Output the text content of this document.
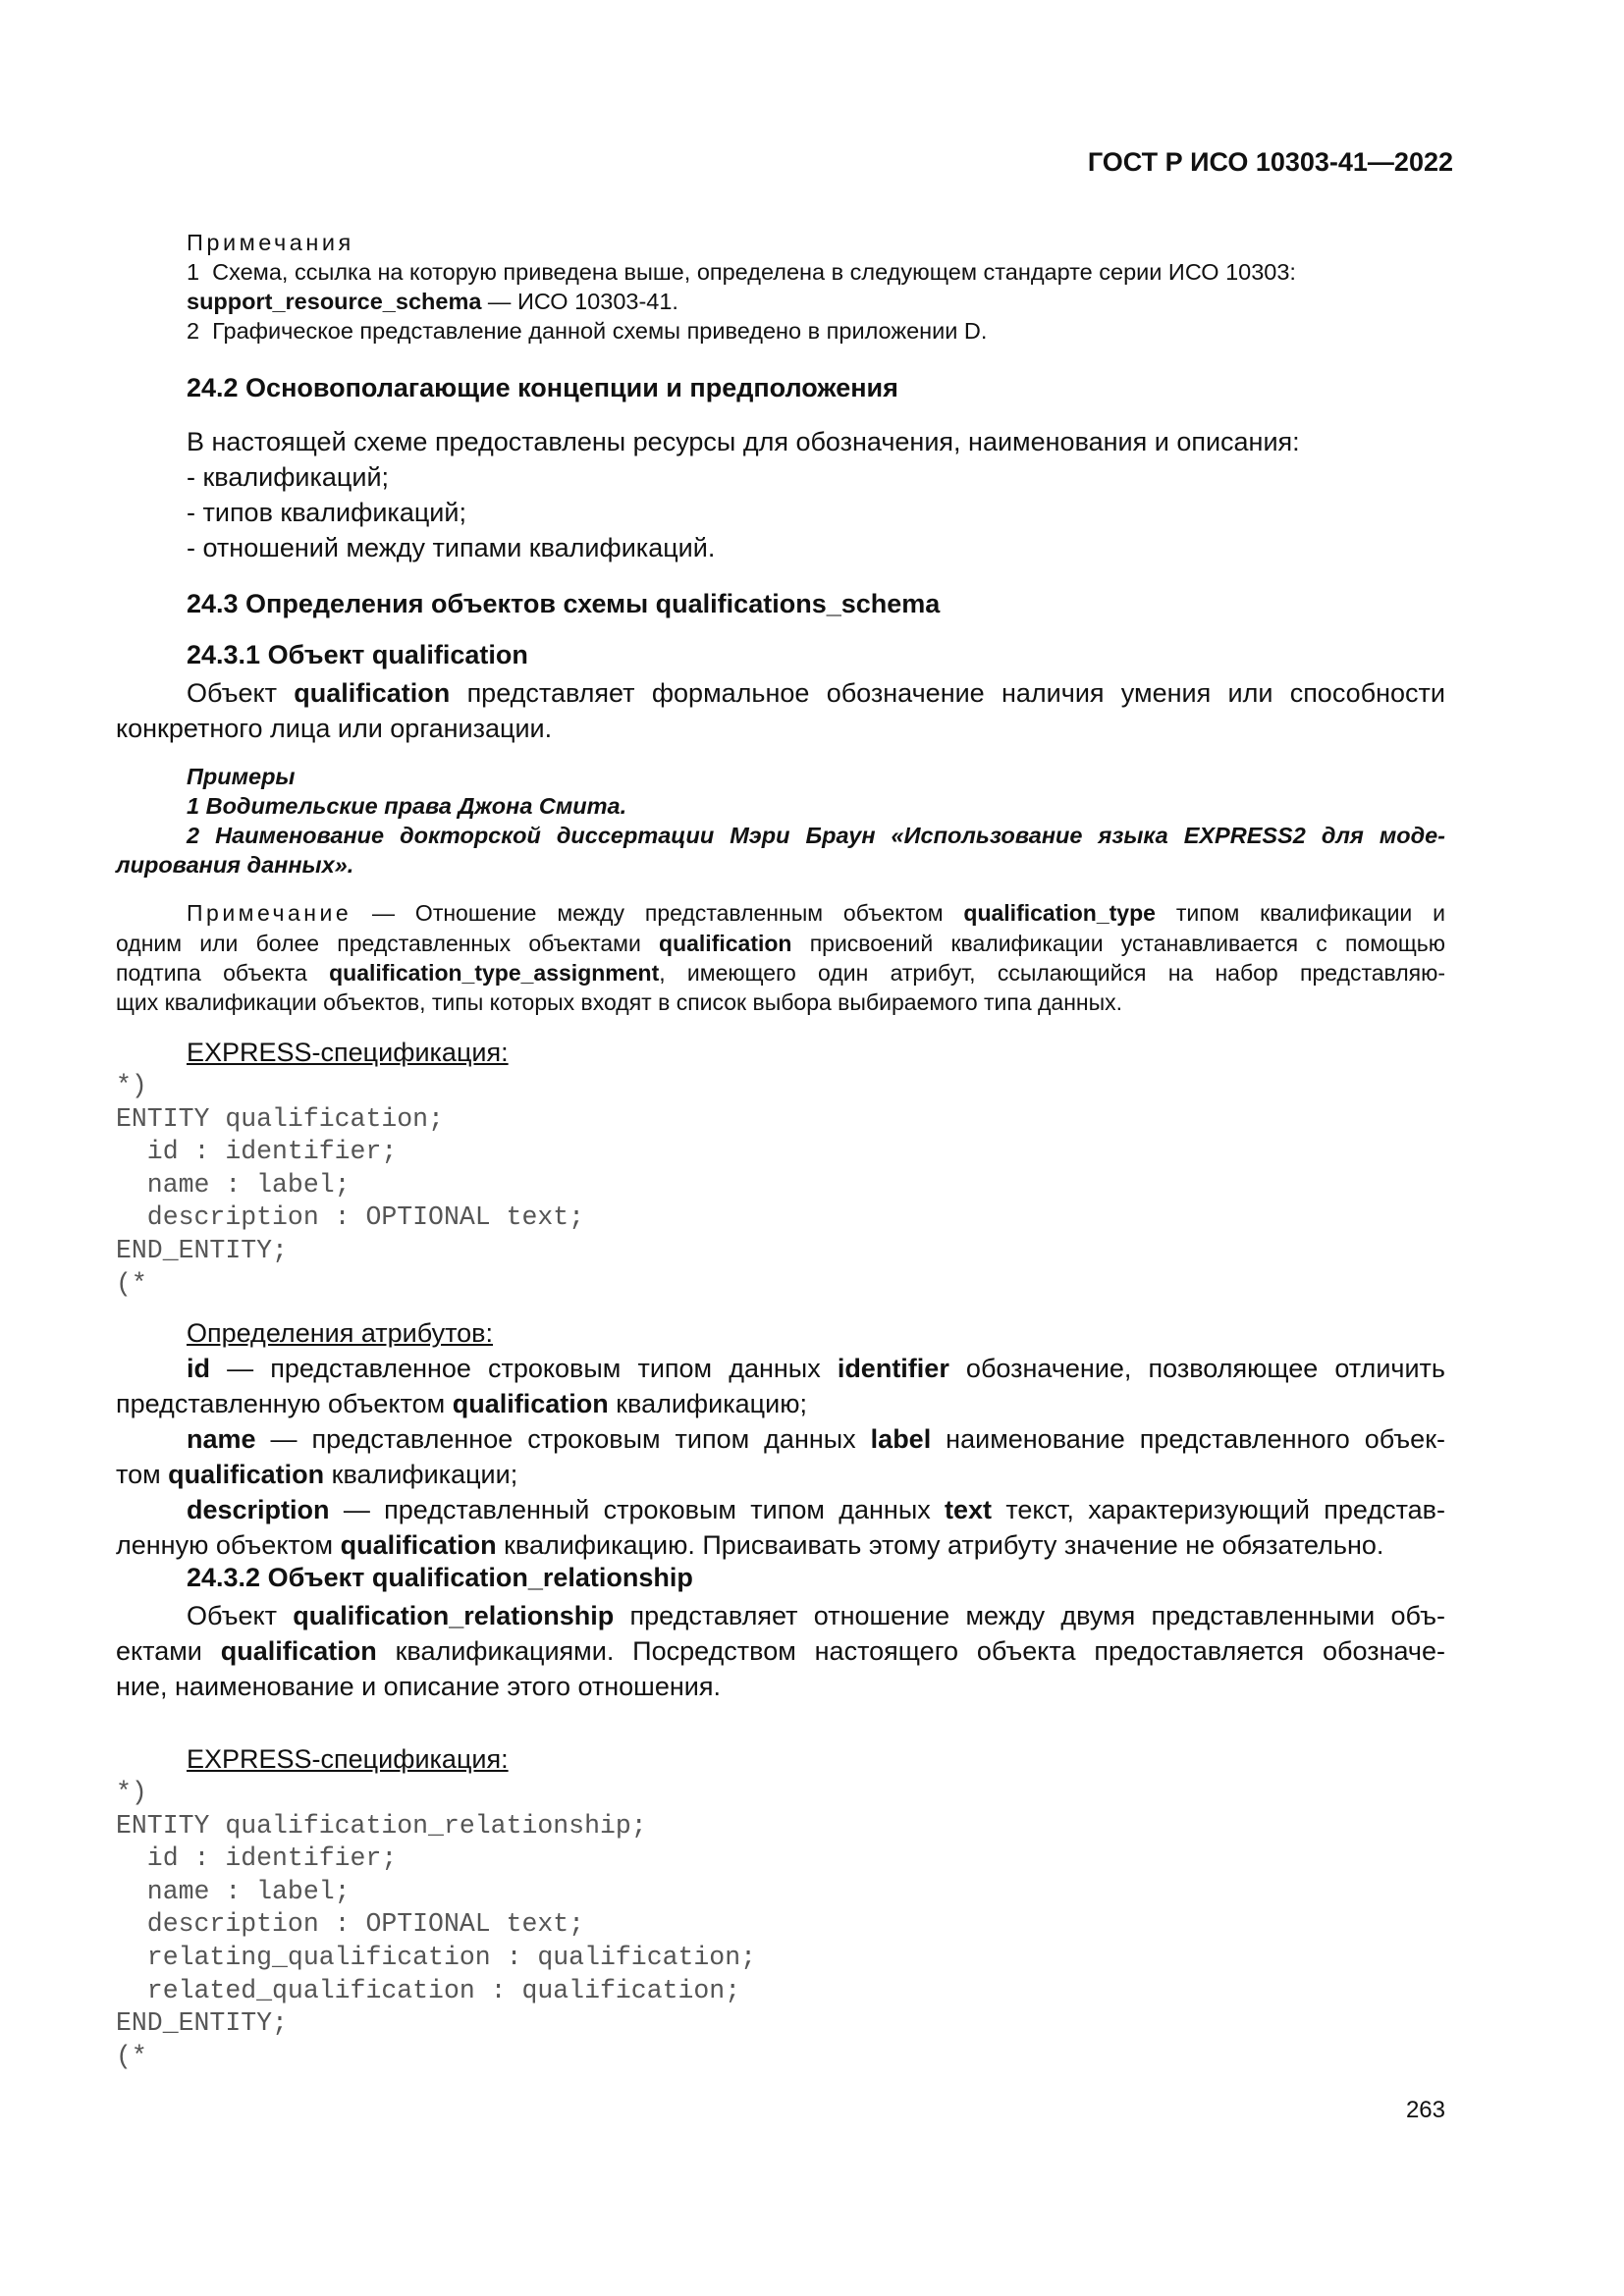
ГОСТ Р ИСО 10303-41—2022
Примечания
1 Схема, ссылка на которую приведена выше, определена в следующем стандарте серии ИСО 10303:
support_resource_schema — ИСО 10303-41.
2 Графическое представление данной схемы приведено в приложении D.
24.2 Основополагающие концепции и предположения
В настоящей схеме предоставлены ресурсы для обозначения, наименования и описания:
- квалификаций;
- типов квалификаций;
- отношений между типами квалификаций.
24.3 Определения объектов схемы qualifications_schema
24.3.1 Объект qualification
Объект qualification представляет формальное обозначение наличия умения или способности
конкретного лица или организации.
Примеры
1 Водительские права Джона Смита.
2 Наименование докторской диссертации Мэри Браун «Использование языка EXPRESS2 для моде-
лирования данных».
Примечание — Отношение между представленным объектом qualification_type типом квалификации и
одним или более представленных объектами qualification присвоений квалификации устанавливается с помощью
подтипа объекта qualification_type_assignment, имеющего один атрибут, ссылающийся на набор представляю-
щих квалификации объектов, типы которых входят в список выбора выбираемого типа данных.
EXPRESS-спецификация:
*)
ENTITY qualification;
id : identifier;
name : label;
description : OPTIONAL text;
END_ENTITY;
(*
Определения атрибутов:
id — представленное строковым типом данных identifier обозначение, позволяющее отличить
представленную объектом qualification квалификацию;
name — представленное строковым типом данных label наименование представленного объек-
том qualification квалификации;
description — представленный строковым типом данных text текст, характеризующий представ-
ленную объектом qualification квалификацию. Присваивать этому атрибуту значение не обязательно.
24.3.2 Объект qualification_relationship
Объект qualification_relationship представляет отношение между двумя представленными объ-
ектами qualification квалификациями. Посредством настоящего объекта предоставляется обозначе-
ние, наименование и описание этого отношения.
EXPRESS-спецификация:
*)
ENTITY qualification_relationship;
id : identifier;
name : label;
description : OPTIONAL text;
relating_qualification : qualification;
related_qualification : qualification;
END_ENTITY;
(*
263
